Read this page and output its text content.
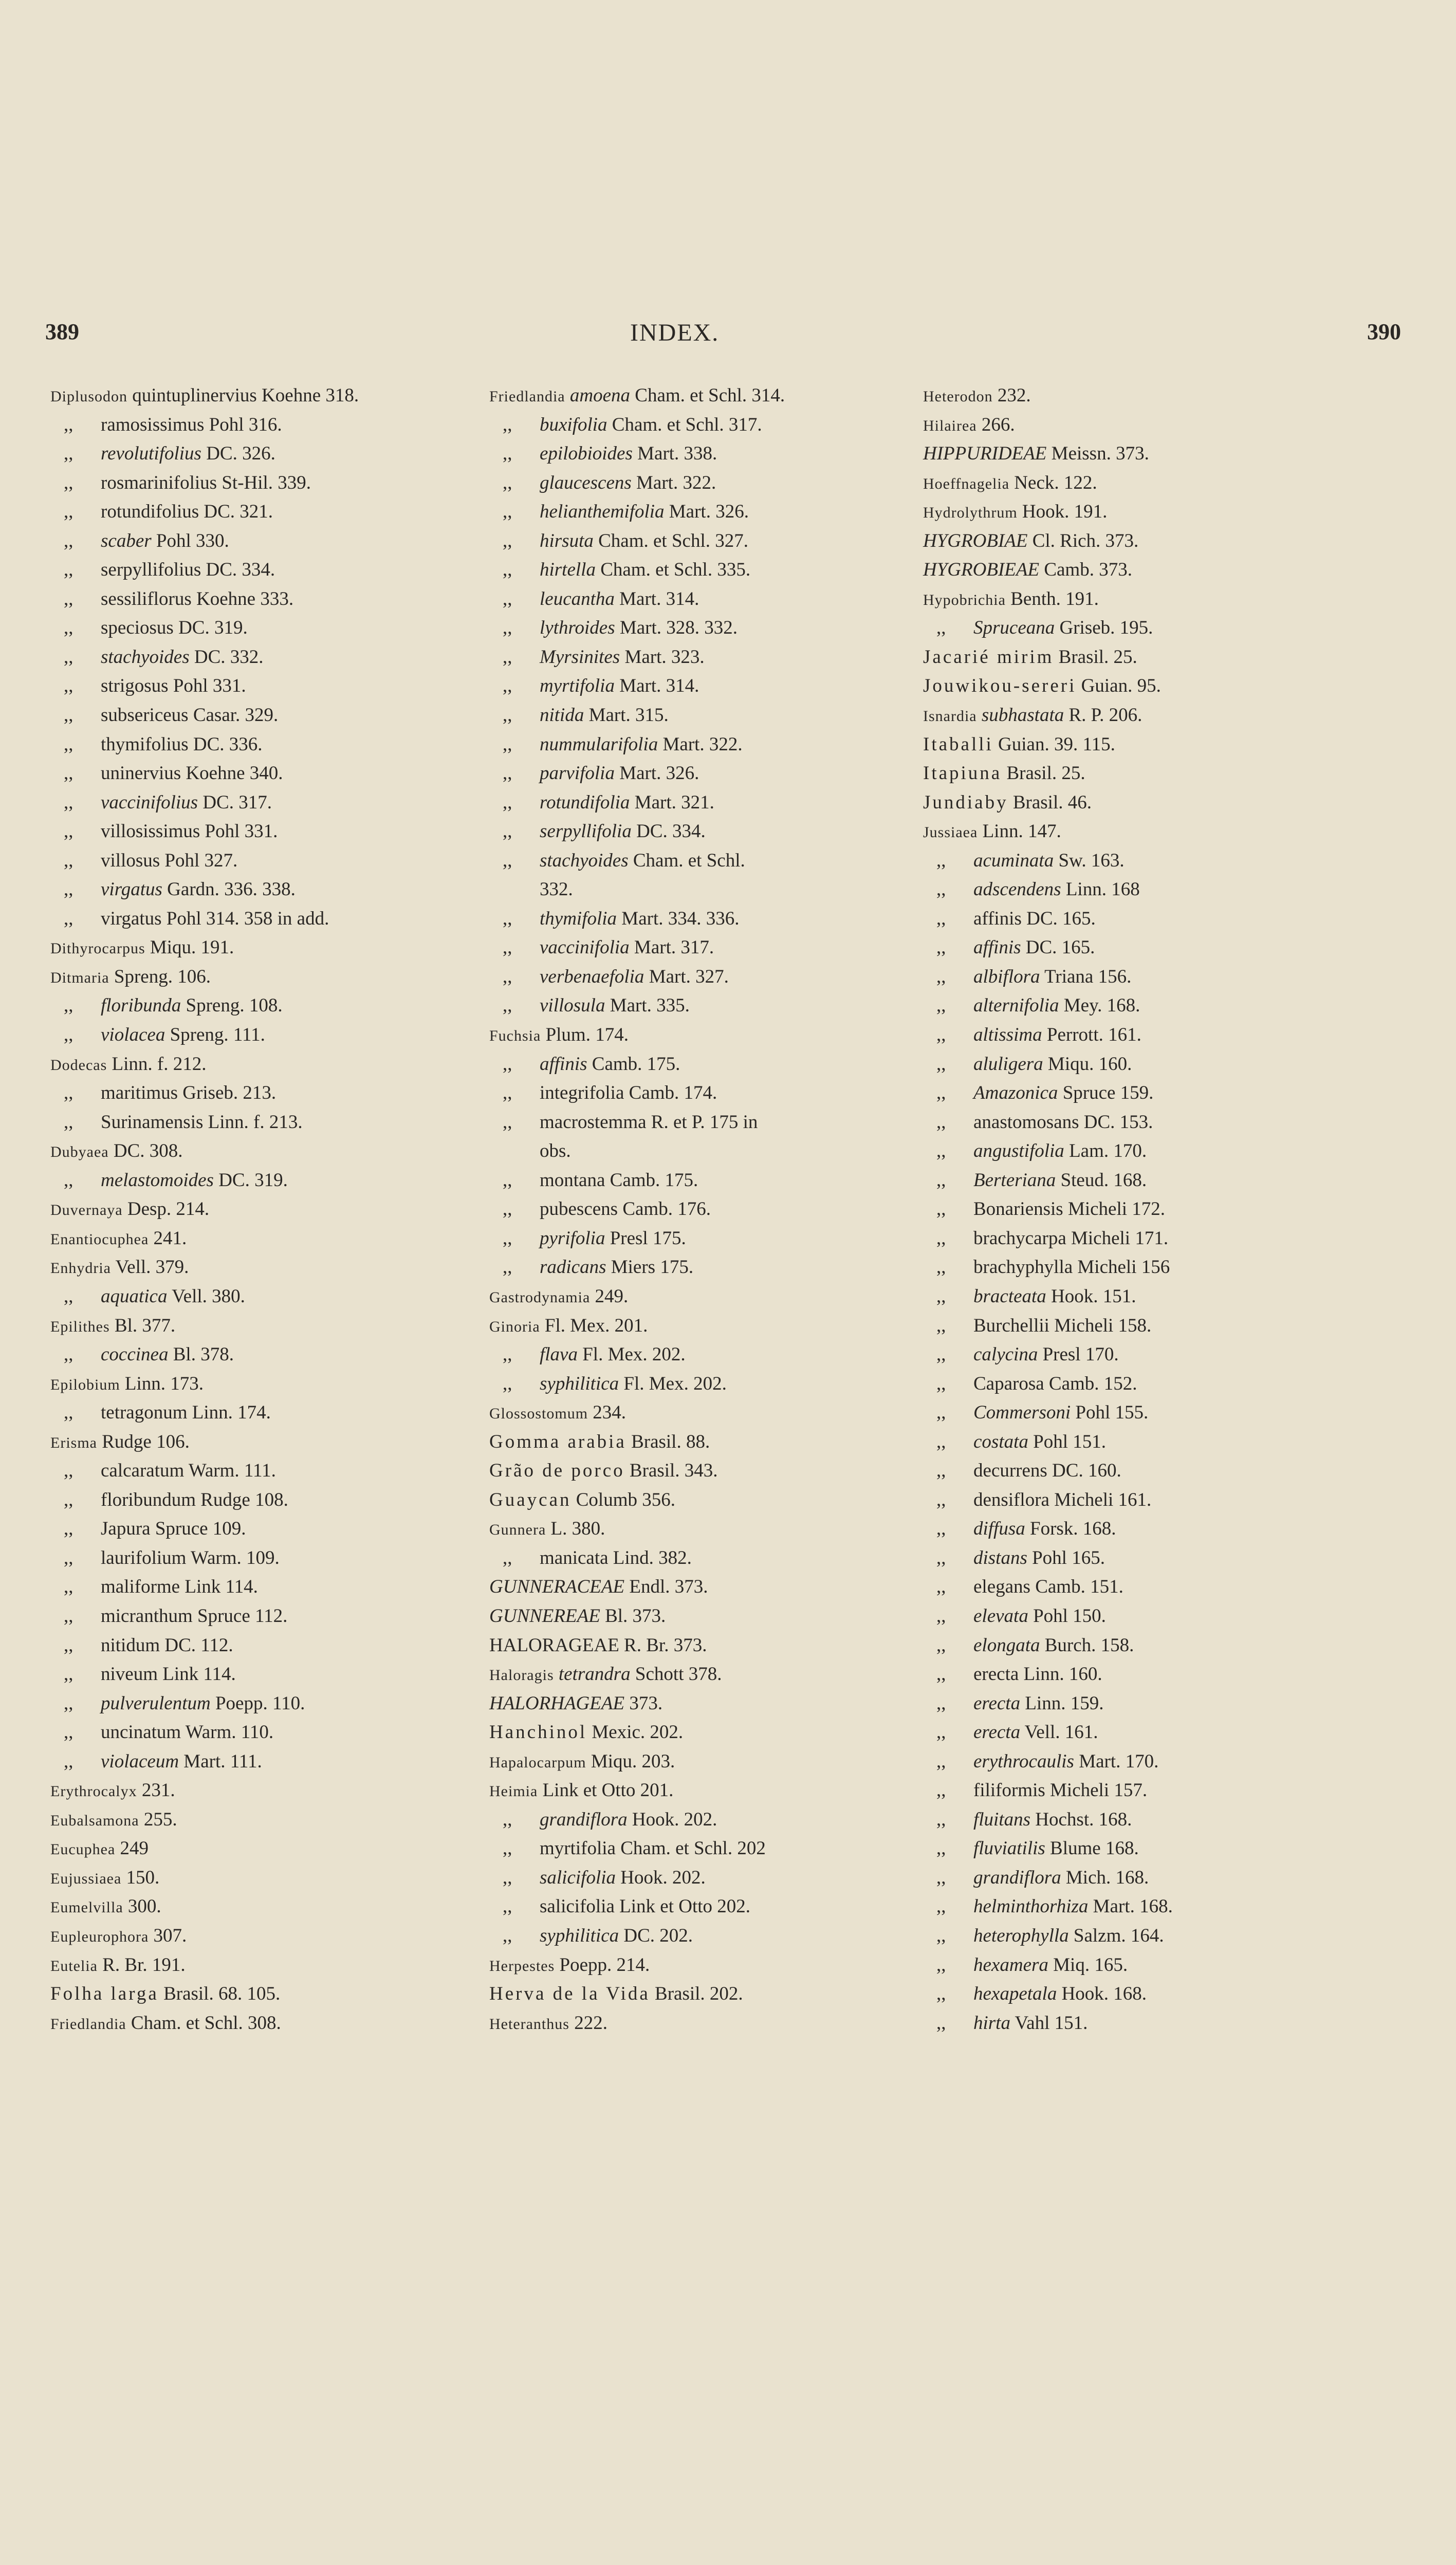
389	INDEX.	390
Diplusodon quintuplinervius Koehne 318.
,, ramosissimus Pohl 316.
,, revolutifolius DC. 326.
,, rosmarinifolius St-Hil. 339.
,, rotundifolius DC. 321.
,, scaber Pohl 330.
,, serpyllifolius DC. 334.
,, sessiliflorus Koehne 333.
,, speciosus DC. 319.
,, stachyoides DC. 332.
,, strigosus Pohl 331.
,, subsericeus Casar. 329.
,, thymifolius DC. 336.
,, uninervius Koehne 340.
,, vaccinifolius DC. 317.
,, villosissimus Pohl 331.
,, villosus Pohl 327.
,, virgatus Gardn. 336. 338.
,, virgatus Pohl 314. 358 in add.
Dithyrocarpus Miqu. 191.
Ditmaria Spreng. 106.
,, floribunda Spreng. 108.
,, violacea Spreng. 111.
Dodecas Linn. f. 212.
,, maritimus Griseb. 213.
,, Surinamensis Linn. f. 213.
Dubyaea DC. 308.
,, melastomoides DC. 319.
Duvernaya Desp. 214.
Enantiocuphea 241.
Enhydria Vell. 379.
,, aquatica Vell. 380.
Epilithes Bl. 377.
,, coccinea Bl. 378.
Epilobium Linn. 173.
,, tetragonum Linn. 174.
Erisma Rudge 106.
,, calcaratum Warm. 111.
,, floribundum Rudge 108.
,, Japura Spruce 109.
,, laurifolium Warm. 109.
,, maliforme Link 114.
,, micranthum Spruce 112.
,, nitidum DC. 112.
,, niveum Link 114.
,, pulverulentum Poepp. 110.
,, uncinatum Warm. 110.
,, violaceum Mart. 111.
Erythrocalyx 231.
Eubalsamona 255.
Eucuphea 249
Eujussiaea 150.
Eumelvilla 300.
Eupleurophora 307.
Eutelia R. Br. 191.
Folha larga Brasil. 68. 105.
Friedlandia Cham. et Schl. 308.
Friedlandia amoena Cham. et Schl. 314.
,, buxifolia Cham. et Schl. 317.
,, epilobioides Mart. 338.
,, glaucescens Mart. 322.
,, helianthemifolia Mart. 326.
,, hirsuta Cham. et Schl. 327.
,, hirtella Cham. et Schl. 335.
,, leucantha Mart. 314.
,, lythroides Mart. 328. 332.
,, Myrsinites Mart. 323.
,, myrtifolia Mart. 314.
,, nitida Mart. 315.
,, nummularifolia Mart. 322.
,, parvifolia Mart. 326.
,, rotundifolia Mart. 321.
,, serpyllifolia DC. 334.
,, stachyoides Cham. et Schl.
332.
,, thymifolia Mart. 334. 336.
,, vaccinifolia Mart. 317.
,, verbenaefolia Mart. 327.
,, villosula Mart. 335.
Fuchsia Plum. 174.
,, affinis Camb. 175.
,, integrifolia Camb. 174.
,, macrostemma R. et P. 175 in
obs.
,, montana Camb. 175.
,, pubescens Camb. 176.
,, pyrifolia Presl 175.
,, radicans Miers 175.
Gastrodynamia 249.
Ginoria Fl. Mex. 201.
,, flava Fl. Mex. 202.
,, syphilitica Fl. Mex. 202.
Glossostomum 234.
Gomma arabia Brasil. 88.
Grão de porco Brasil. 343.
Guaycan Columb 356.
Gunnera L. 380.
,, manicata Lind. 382.
GUNNERACEAE Endl. 373.
GUNNEREAE Bl. 373.
HALORAGEAE R. Br. 373.
Haloragis tetrandra Schott 378.
HALORHAGEAE 373.
Hanchinol Mexic. 202.
Hapalocarpum Miqu. 203.
Heimia Link et Otto 201.
,, grandiflora Hook. 202.
,, myrtifolia Cham. et Schl. 202
,, salicifolia Hook. 202.
,, salicifolia Link et Otto 202.
,, syphilitica DC. 202.
Herpestes Poepp. 214.
Herva de la Vida Brasil. 202.
Heteranthus 222.
Heterodon 232.
Hilairea 266.
HIPPURIDEAE Meissn. 373.
Hoeffnagelia Neck. 122.
Hydrolythrum Hook. 191.
HYGROBIAE Cl. Rich. 373.
HYGROBIEAE Camb. 373.
Hypobrichia Benth. 191.
,, Spruceana Griseb. 195.
Jacarié mirim Brasil. 25.
Jouwikou-sereri Guian. 95.
Isnardia subhastata R. P. 206.
Itaballi Guian. 39. 115.
Itapiuna Brasil. 25.
Jundiaby Brasil. 46.
Jussiaea Linn. 147.
,, acuminata Sw. 163.
,, adscendens Linn. 168
,, affinis DC. 165.
,, affinis DC. 165.
,, albiflora Triana 156.
,, alternifolia Mey. 168.
,, altissima Perrott. 161.
,, aluligera Miqu. 160.
,, Amazonica Spruce 159.
,, anastomosans DC. 153.
,, angustifolia Lam. 170.
,, Berteriana Steud. 168.
,, Bonariensis Micheli 172.
,, brachycarpa Micheli 171.
,, brachyphylla Micheli 156
,, bracteata Hook. 151.
,, Burchellii Micheli 158.
,, calycina Presl 170.
,, Caparosa Camb. 152.
,, Commersoni Pohl 155.
,, costata Pohl 151.
,, decurrens DC. 160.
,, densiflora Micheli 161.
,, diffusa Forsk. 168.
,, distans Pohl 165.
,, elegans Camb. 151.
,, elevata Pohl 150.
,, elongata Burch. 158.
,, erecta Linn. 160.
,, erecta Linn. 159.
,, erecta Vell. 161.
,, erythrocaulis Mart. 170.
,, filiformis Micheli 157.
,, fluitans Hochst. 168.
,, fluviatilis Blume 168.
,, grandiflora Mich. 168.
,, helminthorhiza Mart. 168.
,, heterophylla Salzm. 164.
,, hexamera Miq. 165.
,, hexapetala Hook. 168.
,, hirta Vahl 151.
